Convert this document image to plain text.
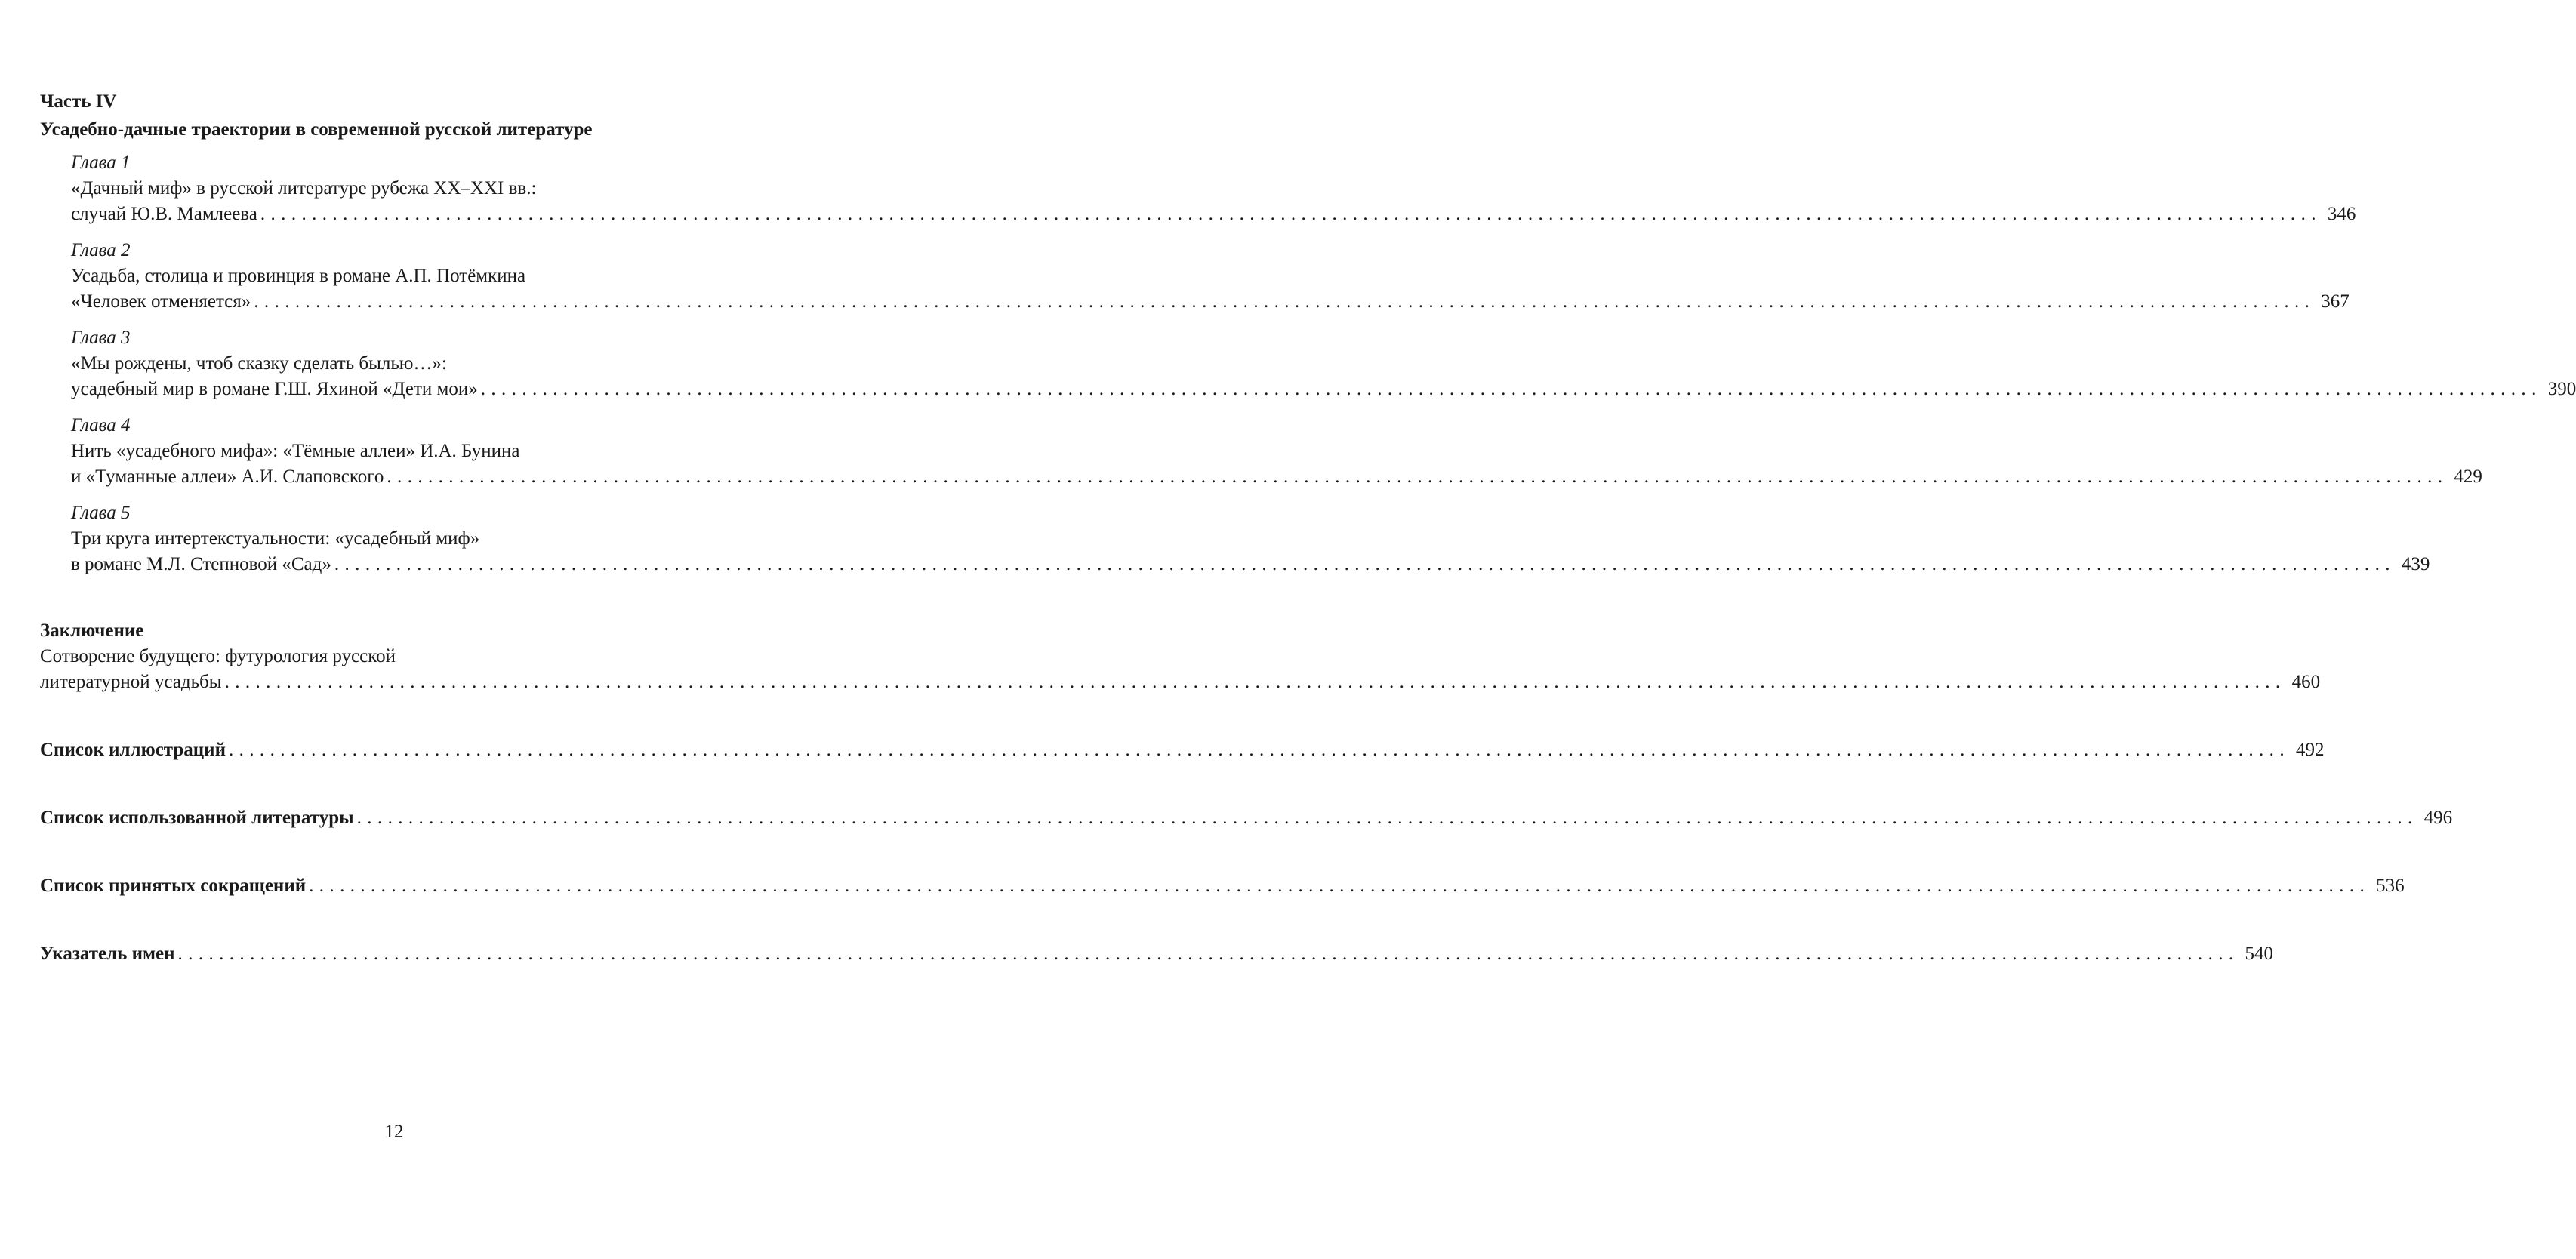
Часть IV
Усадебно-дачные траектории в современной русской литературе
Глава 1
«Дачный миф» в русской литературе рубежа XX–XXI вв.:
случай Ю.В. Мамлеева ........................................................................................................................................................................................................ 346
Глава 2
Усадьба, столица и провинция в романе А.П. Потёмкина
«Человек отменяется» ........................................................................................................................................................................................................ 367
Глава 3
«Мы рождены, чтоб сказку сделать былью…»:
усадебный мир в романе Г.Ш. Яхиной «Дети мои» ........................................................................................................................................................................................................ 390
Глава 4
Нить «усадебного мифа»: «Тёмные аллеи» И.А. Бунина
и «Туманные аллеи» А.И. Слаповского ........................................................................................................................................................................................................ 429
Глава 5
Три круга интертекстуальности: «усадебный миф»
в романе М.Л. Степновой «Сад» ........................................................................................................................................................................................................ 439
Заключение
Сотворение будущего: футурология русской
литературной усадьбы ........................................................................................................................................................................................................ 460
Список иллюстраций ........................................................................................................................................................................................................ 492
Список использованной литературы ........................................................................................................................................................................................................ 496
Список принятых сокращений ........................................................................................................................................................................................................ 536
Указатель имен ........................................................................................................................................................................................................ 540
12
